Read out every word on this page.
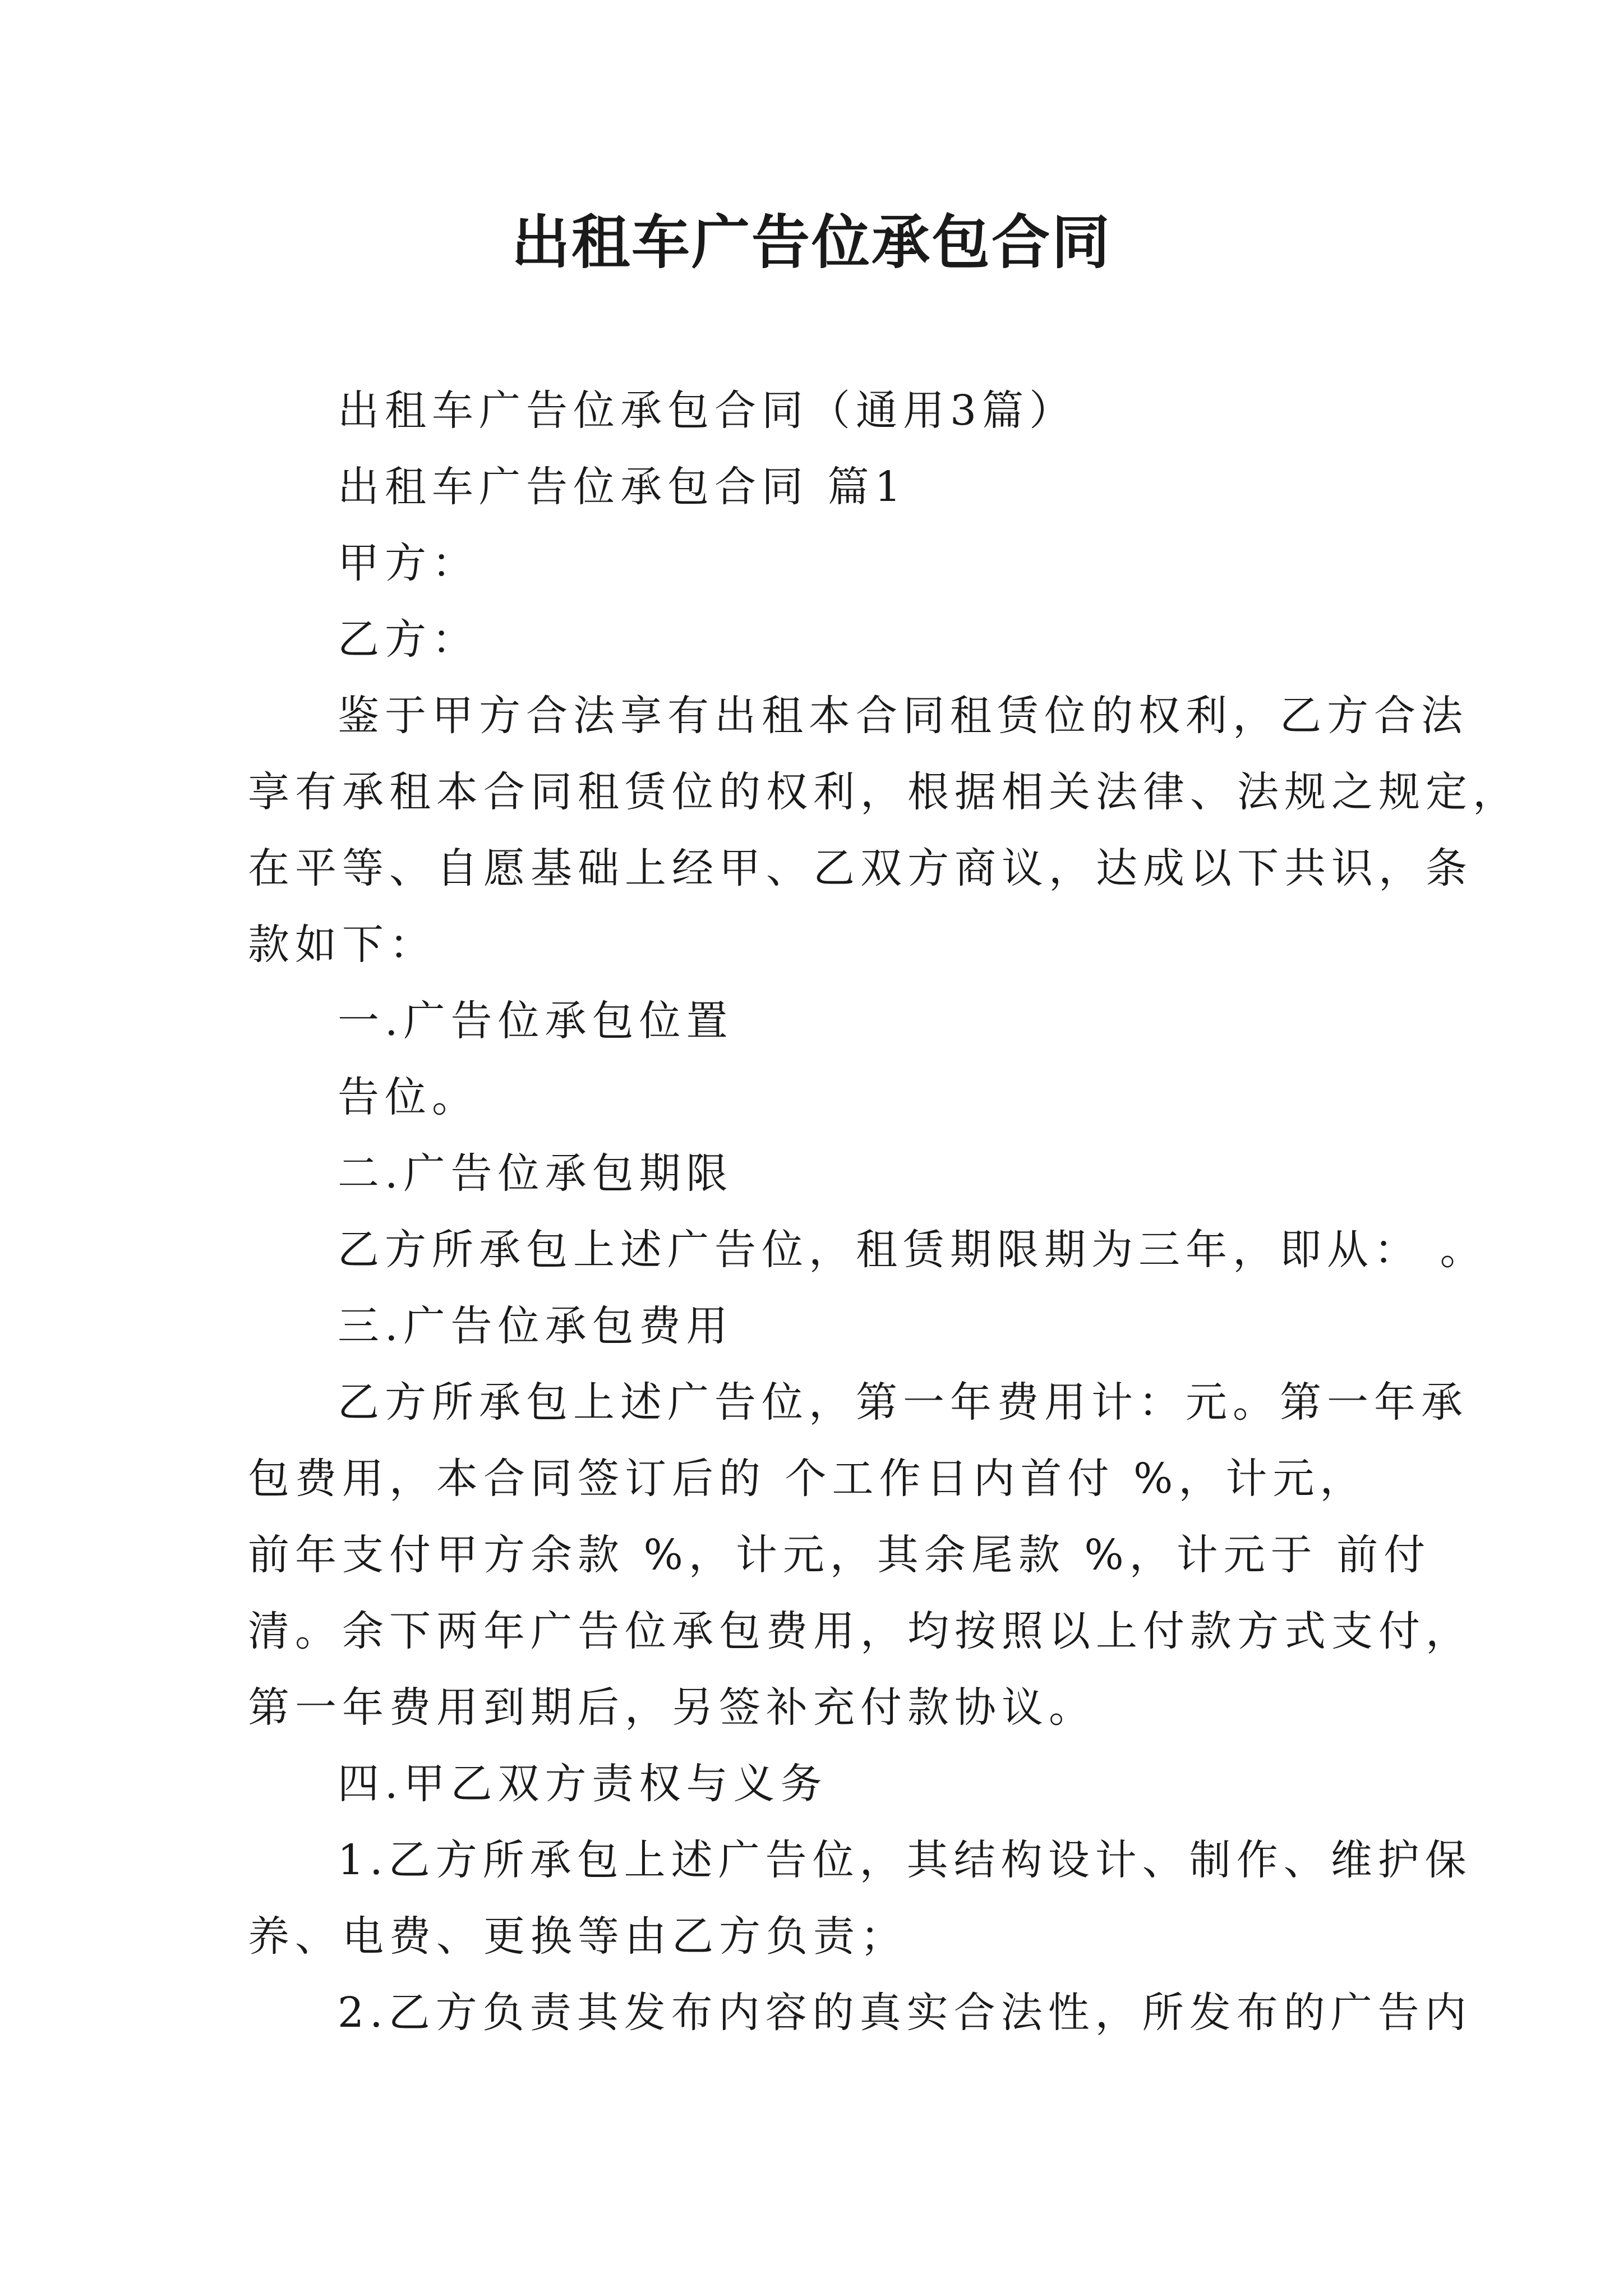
出租车广告位承包合同

出租车广告位承包合同（通用3篇）

出租车广告位承包合同 篇1

甲方：

乙方：

鉴于甲方合法享有出租本合同租赁位的权利，乙方合法

享有承租本合同租赁位的权利，根据相关法律、法规之规定，

在平等、自愿基础上经甲、乙双方商议，达成以下共识，条

款如下：

一.广告位承包位置

告位。

二.广告位承包期限

乙方所承包上述广告位，租赁期限期为三年，即从： 。

三.广告位承包费用

乙方所承包上述广告位，第一年费用计：元。第一年承

包费用，本合同签订后的 个工作日内首付 %，计元，

前年支付甲方余款 %，计元，其余尾款 %，计元于 前付

清。余下两年广告位承包费用，均按照以上付款方式支付，

第一年费用到期后，另签补充付款协议。

四.甲乙双方责权与义务

1.乙方所承包上述广告位，其结构设计、制作、维护保

养、电费、更换等由乙方负责；

2.乙方负责其发布内容的真实合法性，所发布的广告内
